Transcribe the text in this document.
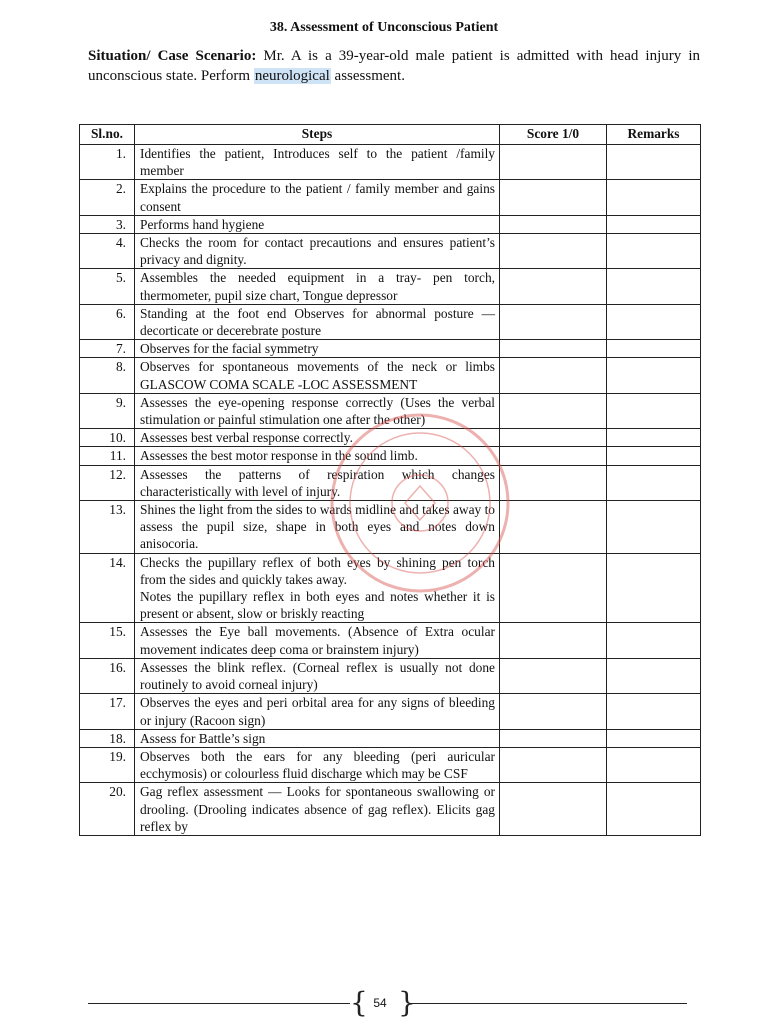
38. Assessment of Unconscious Patient
Situation/ Case Scenario: Mr. A is a 39-year-old male patient is admitted with head injury in unconscious state. Perform neurological assessment.
Sl.no.	Steps	Score 1/0	Remarks
1.	Identifies the patient, Introduces self to the patient /family member		

2.	Explains the procedure to the patient / family member and gains consent		

3.	Performs hand hygiene		

4.	Checks the room for contact precautions and ensures patient’s privacy and dignity.		

5.	Assembles the needed equipment in a tray- pen torch, thermometer, pupil size chart, Tongue depressor		

6.	Standing at the foot end Observes for abnormal posture — decorticate or decerebrate posture		

7.	Observes for the facial symmetry		

8.	Observes for spontaneous movements of the neck or limbs GLASCOW COMA SCALE -LOC ASSESSMENT		

9.	Assesses the eye-opening response correctly (Uses the verbal stimulation or painful stimulation one after the other)		

10.	Assesses best verbal response correctly.		

11.	Assesses the best motor response in the sound limb.		

12.	Assesses the patterns of respiration which changes characteristically with level of injury.		

13.	Shines the light from the sides to wards midline and takes away to assess the pupil size, shape in both eyes and notes down anisocoria.		

14.	Checks the pupillary reflex of both eyes by shining pen torch from the sides and quickly takes away.
Notes the pupillary reflex in both eyes and notes whether it is present or absent, slow or briskly reacting		

15.	Assesses the Eye ball movements. (Absence of Extra ocular movement indicates deep coma or brainstem injury)		

16.	Assesses the blink reflex. (Corneal reflex is usually not done routinely to avoid corneal injury)		

17.	Observes the eyes and peri orbital area for any signs of bleeding or injury (Racoon sign)		

18.	Assess for Battle’s sign		

19.	Observes both the ears for any bleeding (peri auricular ecchymosis) or colourless fluid discharge which may be CSF		

20.	Gag reflex assessment — Looks for spontaneous swallowing or drooling. (Drooling indicates absence of gag reflex). Elicits gag reflex by		

{ 54 }
